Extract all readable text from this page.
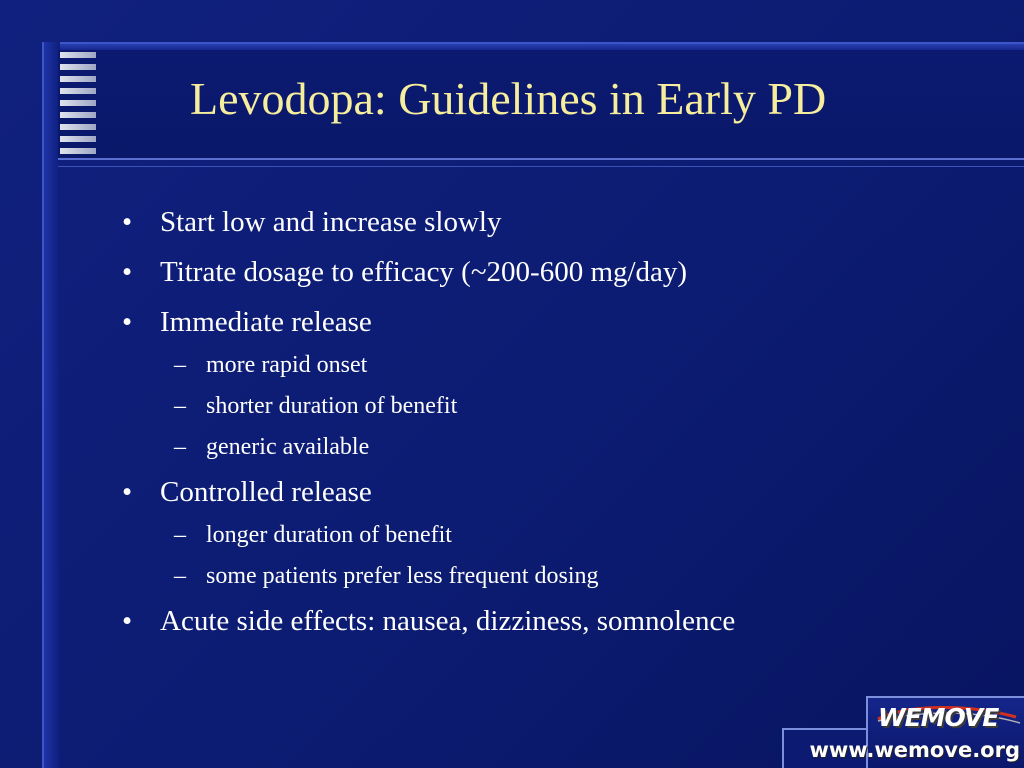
Levodopa: Guidelines in Early PD
• Start low and increase slowly
• Titrate dosage to efficacy (~200-600 mg/day)
• Immediate release
– more rapid onset
– shorter duration of benefit
– generic available
• Controlled release
– longer duration of benefit
– some patients prefer less frequent dosing
• Acute side effects: nausea, dizziness, somnolence
WEMOVE
www.wemove.org
